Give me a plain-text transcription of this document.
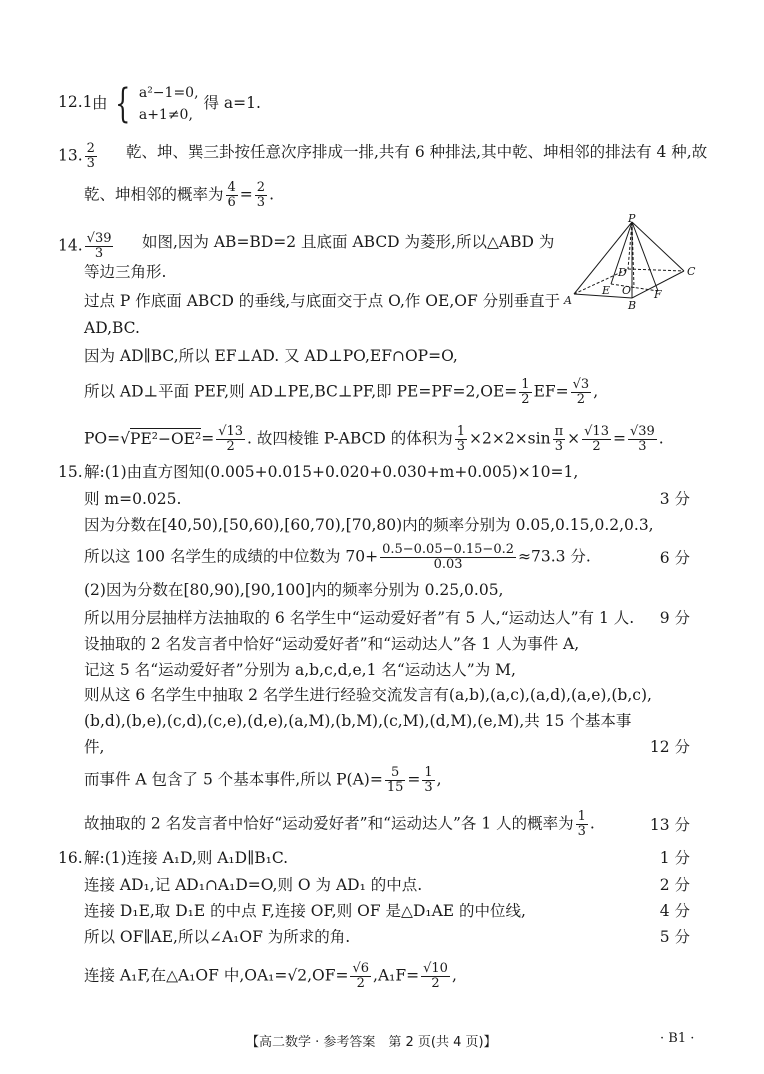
12.1 由 { a²−1=0,
a+1≠0,
得 a=1.
13. $\frac{2}{3}$ 乾、坤、巽三卦按任意次序排成一排,共有 6 种排法,其中乾、坤相邻的排法有 4 种,故
乾、坤相邻的概率为 $\frac{4}{6} = \frac{2}{3}$ .
14. $\frac{√39}{3}$ 如图,因为 AB=BD=2 且底面 ABCD 为菱形,所以△ABD 为
等边三角形.
过点 P 作底面 ABCD 的垂线,与底面交于点 O,作 OE,OF 分别垂直于
AD,BC.
因为 AD∥BC,所以 EF⊥AD. 又 AD⊥PO,EF∩OP=O,
所以 AD⊥平面 PEF,则 AD⊥PE,BC⊥PF,即 $PE=PF=2,OE= \frac{1}{2} EF= \frac{√3}{2}$ ,
$PO=√PE^2-OE^2= \frac{√13}{2}$ . 故四棱锥 P-ABCD 的体积为 $\frac{1}{3} \times 2\times 2\times\sin \frac{\pi}{3} \times \frac{√13}{2} = \frac{√39}{3}$ .
P
D	C
A
E O F
B
15. 解:(1)由直方图知(0.005+0.015+0.020+0.030+m+0.005)×10=1,
则 m=0.025.	3 分
因为分数在[40,50),[50,60),[60,70),[70,80)内的频率分别为 0.05,0.15,0.2,0.3,
所以这 100 名学生的成绩的中位数为 $70+ \frac{0.5-0.05-0.15-0.2}{0.03} \approx 73.3$ 分.	6 分
(2)因为分数在[80,90),[90,100]内的频率分别为 0.25,0.05,
所以用分层抽样方法抽取的 6 名学生中“运动爱好者”有 5 人,“运动达人”有 1 人. 9 分
设抽取的 2 名发言者中恰好“运动爱好者”和“运动达人”各 1 人为事件 A,
记这 5 名“运动爱好者”分别为 a,b,c,d,e,1 名“运动达人”为 M,
则从这 6 名学生中抽取 2 名学生进行经验交流发言有(a,b),(a,c),(a,d),(a,e),(b,c),
(b,d),(b,e),(c,d),(c,e),(d,e),(a,M),(b,M),(c,M),(d,M),(e,M),共 15 个基本事
件,	12 分
而事件 A 包含了 5 个基本事件,所以 $P(A)= \frac{5}{15} = \frac{1}{3}$ ,
故抽取的 2 名发言者中恰好“运动爱好者”和“运动达人”各 1 人的概率为 $\frac{1}{3}$ .	13 分
16. 解:(1)连接 A₁D,则 A₁D∥B₁C.	1 分
连接 AD₁,记 AD₁∩A₁D=O,则 O 为 AD₁ 的中点.	2 分
连接 D₁E,取 D₁E 的中点 F,连接 OF,则 OF 是△D₁AE 的中位线,	4 分
所以 OF∥AE,所以∠A₁OF 为所求的角.	5 分
连接 A₁F,在△A₁OF 中$,OA_1=√2,OF= \frac{√6}{2} ,A_1F= \frac{√10}{2}$ ,
【高二数学 · 参考答案　第 2 页(共 4 页)】	· B1 ·
